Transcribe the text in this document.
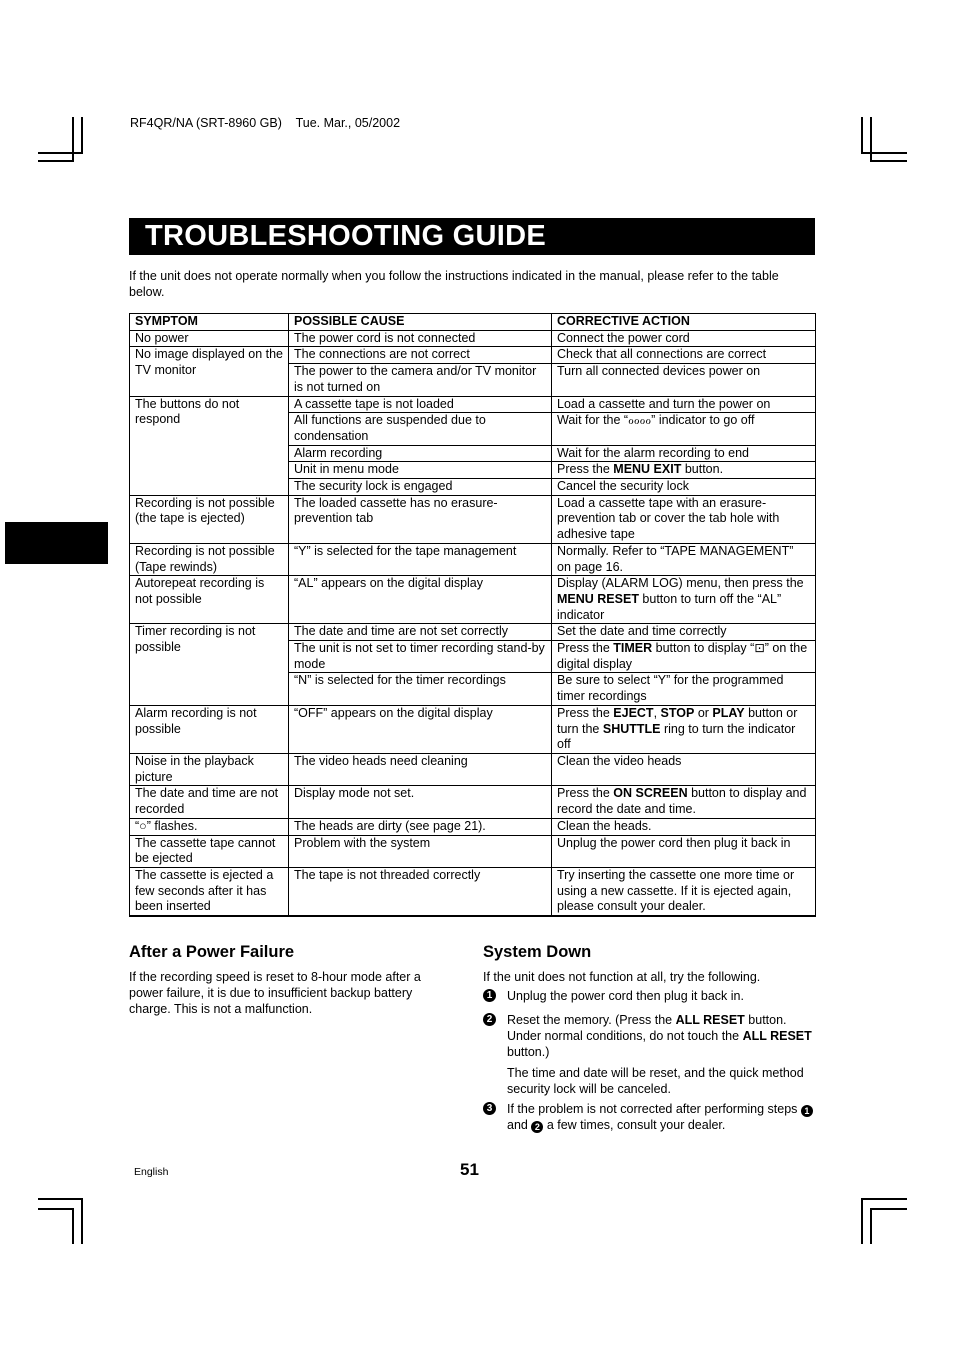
RF4QR/NA (SRT-8960 GB)    Tue. Mar., 05/2002
TROUBLESHOOTING GUIDE
If the unit does not operate normally when you follow the instructions indicated in the manual, please refer to the table below.
SYMPTOM	POSSIBLE CAUSE	CORRECTIVE ACTION
No power	The power cord is not connected	Connect the power cord
No image displayed on the TV monitor	The connections are not correct	Check that all connections are correct
	The power to the camera and/or TV monitor is not turned on	Turn all connected devices power on
The buttons do not respond	A cassette tape is not loaded	Load a cassette and turn the power on
	All functions are suspended due to condensation	Wait for the “ℴℴℴℴ” indicator to go off
	Alarm recording	Wait for the alarm recording to end
	Unit in menu mode	Press the MENU EXIT button.
	The security lock is engaged	Cancel the security lock
Recording is not possible (the tape is ejected)	The loaded cassette has no erasure-prevention tab	Load a cassette tape with an erasure-prevention tab or cover the tab hole with adhesive tape
Recording is not possible (Tape rewinds)	“Y” is selected for the tape management	Normally. Refer to “TAPE MANAGEMENT” on page 16.
Autorepeat recording is not possible	“AL” appears on the digital display	Display (ALARM LOG) menu, then press the MENU RESET button to turn off the “AL” indicator
Timer recording is not possible	The date and time are not set correctly	Set the date and time correctly
	The unit is not set to timer recording stand-by mode	Press the TIMER button to display “⊡” on the digital display
	“N” is selected for the timer recordings	Be sure to select “Y” for the programmed timer recordings
Alarm recording is not possible	“OFF” appears on the digital display	Press the EJECT, STOP or PLAY button or turn the SHUTTLE ring to turn the indicator off
Noise in the playback picture	The video heads need cleaning	Clean the video heads
The date and time are not recorded	Display mode not set.	Press the ON SCREEN button to display and record the date and time.
“○” flashes.	The heads are dirty (see page 21).	Clean the heads.
The cassette tape cannot be ejected	Problem with the system	Unplug the power cord then plug it back in
The cassette is ejected a few seconds after it has been inserted	The tape is not threaded correctly	Try inserting the cassette one more time or using a new cassette. If it is ejected again, please consult your dealer.
After a Power Failure
If the recording speed is reset to 8-hour mode after a power failure, it is due to insufficient backup battery charge. This is not a malfunction.
System Down
If the unit does not function at all, try the following.
1 Unplug the power cord then plug it back in.
2 Reset the memory. (Press the ALL RESET button. Under normal conditions, do not touch the ALL RESET button.)
The time and date will be reset, and the quick method security lock will be canceled.
3 If the problem is not corrected after performing steps 1 and 2 a few times, consult your dealer.
English	51
